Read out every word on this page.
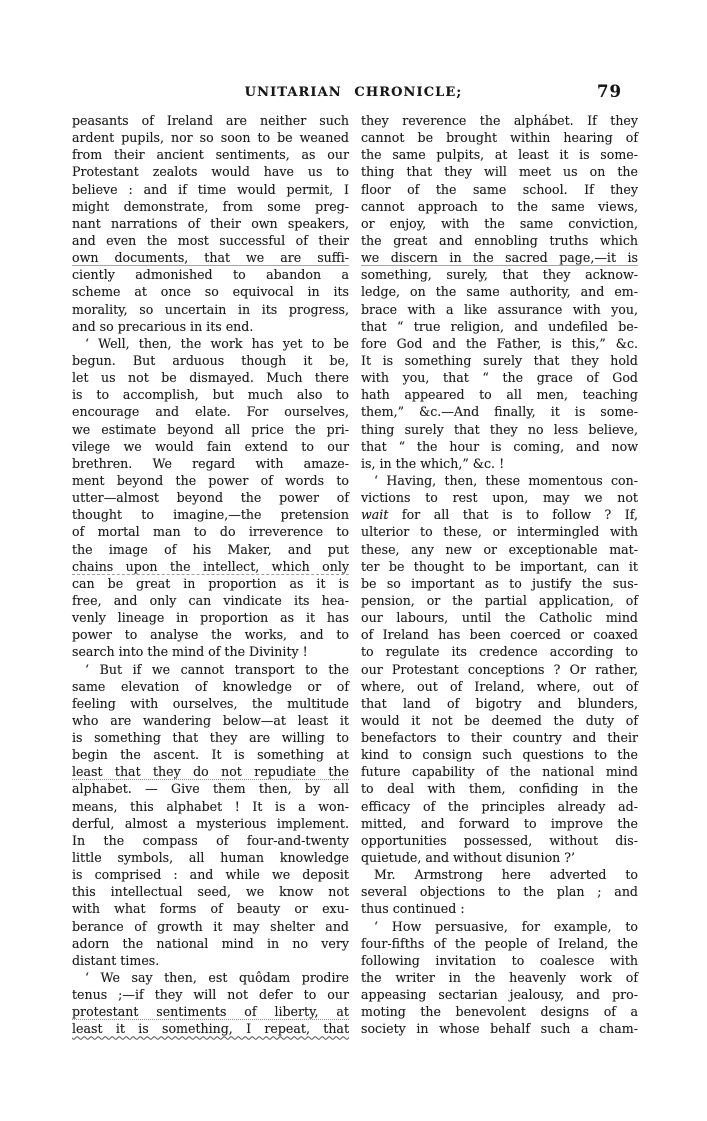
UNITARIAN CHRONICLE;	79
peasants of Ireland are neither such
ardent pupils, nor so soon to be weaned
from their ancient sentiments, as our
Protestant zealots would have us to
believe : and if time would permit, I
might demonstrate, from some preg-
nant narrations of their own speakers,
and even the most successful of their
own documents, that we are suffi-
ciently admonished to abandon a
scheme at once so equivocal in its
morality, so uncertain in its progress,
and so precarious in its end.
‘ Well, then, the work has yet to be
begun. But arduous though it be,
let us not be dismayed. Much there
is to accomplish, but much also to
encourage and elate. For ourselves,
we estimate beyond all price the pri-
vilege we would fain extend to our
brethren. We regard with amaze-
ment beyond the power of words to
utter—almost beyond the power of
thought to imagine,—the pretension
of mortal man to do irreverence to
the image of his Maker, and put
chains upon the intellect, which only
can be great in proportion as it is
free, and only can vindicate its hea-
venly lineage in proportion as it has
power to analyse the works, and to
search into the mind of the Divinity !
‘ But if we cannot transport to the
same elevation of knowledge or of
feeling with ourselves, the multitude
who are wandering below—at least it
is something that they are willing to
begin the ascent. It is something at
least that they do not repudiate the
alphabet. — Give them then, by all
means, this alphabet ! It is a won-
derful, almost a mysterious implement.
In the compass of four-and-twenty
little symbols, all human knowledge
is comprised : and while we deposit
this intellectual seed, we know not
with what forms of beauty or exu-
berance of growth it may shelter and
adorn the national mind in no very
distant times.
‘ We say then, est quôdam prodire
tenus ;—if they will not defer to our
protestant sentiments of liberty, at
least it is something, I repeat, that
they reverence the alphábet. If they
cannot be brought within hearing of
the same pulpits, at least it is some-
thing that they will meet us on the
floor of the same school. If they
cannot approach to the same views,
or enjoy, with the same conviction,
the great and ennobling truths which
we discern in the sacred page,—it is
something, surely, that they acknow-
ledge, on the same authority, and em-
brace with a like assurance with you,
that “ true religion, and undefiled be-
fore God and the Father, is this,” &c.
It is something surely that they hold
with you, that “ the grace of God
hath appeared to all men, teaching
them,” &c.—And finally, it is some-
thing surely that they no less believe,
that “ the hour is coming, and now
is, in the which,” &c. !
‘ Having, then, these momentous con-
victions to rest upon, may we not
wait for all that is to follow ? If,
ulterior to these, or intermingled with
these, any new or exceptionable mat-
ter be thought to be important, can it
be so important as to justify the sus-
pension, or the partial application, of
our labours, until the Catholic mind
of Ireland has been coerced or coaxed
to regulate its credence according to
our Protestant conceptions ? Or rather,
where, out of Ireland, where, out of
that land of bigotry and blunders,
would it not be deemed the duty of
benefactors to their country and their
kind to consign such questions to the
future capability of the national mind
to deal with them, confiding in the
efficacy of the principles already ad-
mitted, and forward to improve the
opportunities possessed, without dis-
quietude, and without disunion ?’
Mr. Armstrong here adverted to
several objections to the plan ; and
thus continued :
‘ How persuasive, for example, to
four-fifths of the people of Ireland, the
following invitation to coalesce with
the writer in the heavenly work of
appeasing sectarian jealousy, and pro-
moting the benevolent designs of a
society in whose behalf such a cham-
